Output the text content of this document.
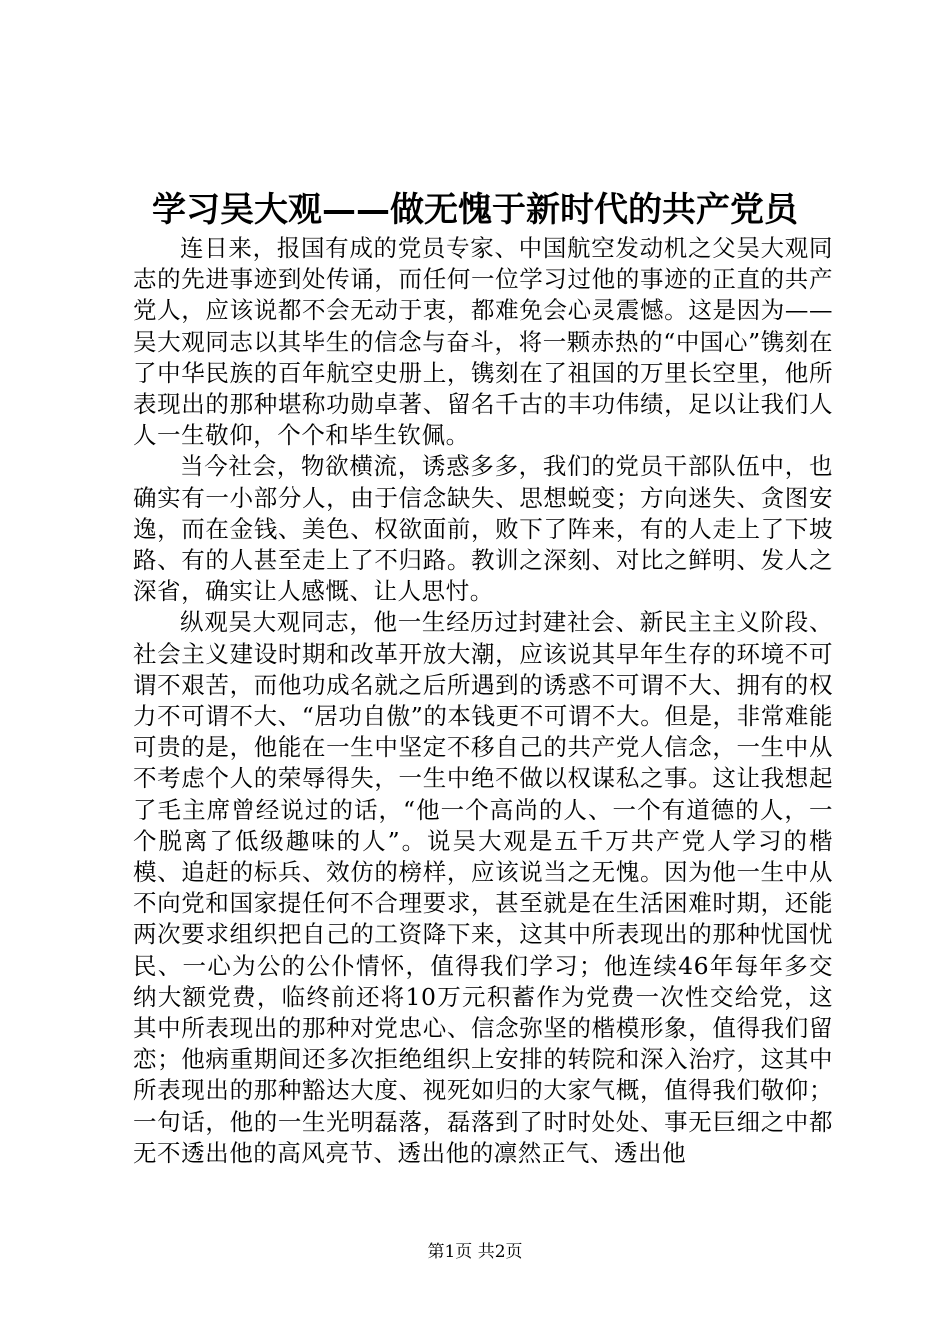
学习吴大观——做无愧于新时代的共产党员

连日来，报国有成的党员专家、中国航空发动机之父吴大观同志的先进事迹到处传诵，而任何一位学习过他的事迹的正直的共产党人，应该说都不会无动于衷，都难免会心灵震憾。这是因为——吴大观同志以其毕生的信念与奋斗，将一颗赤热的“中国心”镌刻在了中华民族的百年航空史册上，镌刻在了祖国的万里长空里，他所表现出的那种堪称功勋卓著、留名千古的丰功伟绩，足以让我们人人一生敬仰，个个和毕生钦佩。

当今社会，物欲横流，诱惑多多，我们的党员干部队伍中，也确实有一小部分人，由于信念缺失、思想蜕变；方向迷失、贪图安逸，而在金钱、美色、权欲面前，败下了阵来，有的人走上了下坡路、有的人甚至走上了不归路。教训之深刻、对比之鲜明、发人之深省，确实让人感慨、让人思忖。

纵观吴大观同志，他一生经历过封建社会、新民主主义阶段、社会主义建设时期和改革开放大潮，应该说其早年生存的环境不可谓不艰苦，而他功成名就之后所遇到的诱惑不可谓不大、拥有的权力不可谓不大、“居功自傲”的本钱更不可谓不大。但是，非常难能可贵的是，他能在一生中坚定不移自己的共产党人信念，一生中从不考虑个人的荣辱得失，一生中绝不做以权谋私之事。这让我想起了毛主席曾经说过的话，“他一个高尚的人、一个有道德的人，一个脱离了低级趣味的人”。说吴大观是五千万共产党人学习的楷模、追赶的标兵、效仿的榜样，应该说当之无愧。因为他一生中从不向党和国家提任何不合理要求，甚至就是在生活困难时期，还能两次要求组织把自己的工资降下来，这其中所表现出的那种忧国忧民、一心为公的公仆情怀，值得我们学习；他连续46年每年多交纳大额党费，临终前还将10万元积蓄作为党费一次性交给党，这其中所表现出的那种对党忠心、信念弥坚的楷模形象，值得我们留恋；他病重期间还多次拒绝组织上安排的转院和深入治疗，这其中所表现出的那种豁达大度、视死如归的大家气概，值得我们敬仰；一句话，他的一生光明磊落，磊落到了时时处处、事无巨细之中都无不透出他的高风亮节、透出他的凛然正气、透出他

第1页 共2页
